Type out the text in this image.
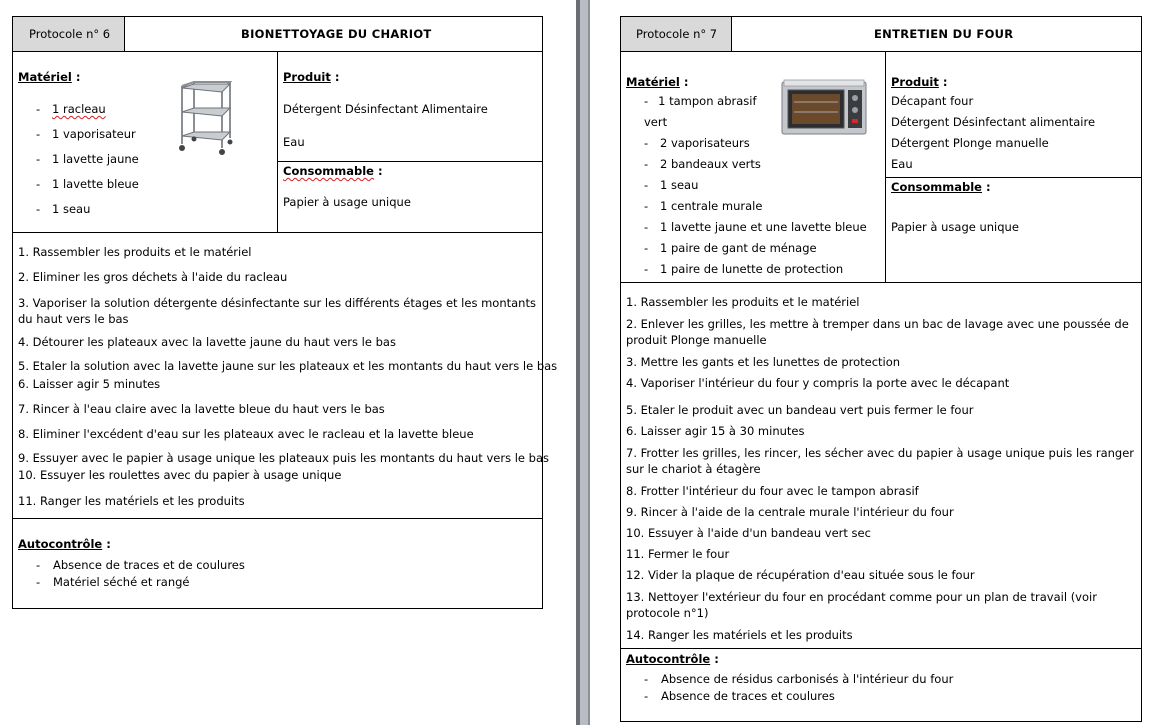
Protocole n° 6	BIONETTOYAGE DU CHARIOT
Matériel :
- 1 racleau
- 1 vaporisateur
- 1 lavette jaune
- 1 lavette bleue
- 1 seau
Produit :
Détergent Désinfectant Alimentaire
Eau
Consommable :
Papier à usage unique
1. Rassembler les produits et le matériel
2. Eliminer les gros déchets à l'aide du racleau
3. Vaporiser la solution détergente désinfectante sur les différents étages et les montants du haut vers le bas
4. Détourer les plateaux avec la lavette jaune du haut vers le bas
5. Etaler la solution avec la lavette jaune sur les plateaux et les montants du haut vers le bas
6. Laisser agir 5 minutes
7. Rincer à l'eau claire avec la lavette bleue du haut vers le bas
8. Eliminer l'excédent d'eau sur les plateaux avec le racleau et la lavette bleue
9. Essuyer avec le papier à usage unique les plateaux puis les montants du haut vers le bas
10. Essuyer les roulettes avec du papier à usage unique
11. Ranger les matériels et les produits
Autocontrôle :
- Absence de traces et de coulures
- Matériel séché et rangé
Protocole n° 7	ENTRETIEN DU FOUR
Matériel :
- 1 tampon abrasif
vert
- 2 vaporisateurs
- 2 bandeaux verts
- 1 seau
- 1 centrale murale
- 1 lavette jaune et une lavette bleue
- 1 paire de gant de ménage
- 1 paire de lunette de protection
Produit :
Décapant four
Détergent Désinfectant alimentaire
Détergent Plonge manuelle
Eau
Consommable :
Papier à usage unique
1. Rassembler les produits et le matériel
2. Enlever les grilles, les mettre à tremper dans un bac de lavage avec une poussée de produit Plonge manuelle
3. Mettre les gants et les lunettes de protection
4. Vaporiser l'intérieur du four y compris la porte avec le décapant
5. Etaler le produit avec un bandeau vert puis fermer le four
6. Laisser agir 15 à 30 minutes
7. Frotter les grilles, les rincer, les sécher avec du papier à usage unique puis les ranger sur le chariot à étagère
8. Frotter l'intérieur du four avec le tampon abrasif
9. Rincer à l'aide de la centrale murale l'intérieur du four
10. Essuyer à l'aide d'un bandeau vert sec
11. Fermer le four
12. Vider la plaque de récupération d'eau située sous le four
13. Nettoyer l'extérieur du four en procédant comme pour un plan de travail (voir protocole n°1)
14. Ranger les matériels et les produits
Autocontrôle :
- Absence de résidus carbonisés à l'intérieur du four
- Absence de traces et coulures
